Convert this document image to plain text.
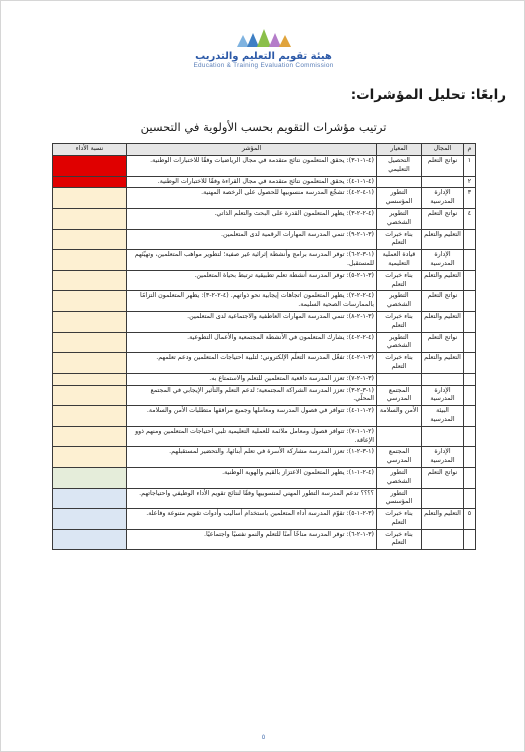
هيئة تقويم التعليم والتدريب
Education & Training Evaluation Commission
رابعًا: تحليل المؤشرات:
ترتيب مؤشرات التقويم بحسب الأولوية في التحسين
م	المجال	المعيار	المؤشر	نسبة الأداء
١	نواتج التعلم	التحصيل التعليمي	(٤-١-١-٣): يحقق المتعلمون نتائج متقدمة في مجال الرياضيات وفقًا للاختبارات الوطنية.	
٢			(٤-١-١-٤): يحقق المتعلمون نتائج متقدمة في مجال القراءة وفقًا للاختبارات الوطنية.	
٣	الإدارة المدرسية	التطور المؤسسي	(١-٤-٢-٤): تشجّع المدرسة منسوبيها للحصول على الرخصة المهنية.	
٤	نواتج التعلم	التطوير الشخصي	(٤-٢-٢-٣): يظهر المتعلمون القدرة على البحث والتعلم الذاتي.	
	التعليم والتعلم	بناء خبرات التعلم	(٣-١-٢-٩): تنمي المدرسة المهارات الرقمية لدى المتعلمين.	
	الإدارة المدرسية	قيادة العملية التعليمية	(١-٣-٢-٦): توفر المدرسة برامج وأنشطة إثرائية غير صفية؛ لتطوير مواهب المتعلمين، وتهيّئهم للمستقبل.	
	التعليم والتعلم	بناء خبرات التعلم	(٣-١-٢-٥): توفر المدرسة أنشطة تعلم تطبيقية ترتبط بحياة المتعلمين.	
	نواتج التعلم	التطوير الشخصي	(٤-٢-٢-٢): يظهر المتعلمون اتجاهات إيجابية نحو ذواتهم. (٤-٢-٢-٣): يظهر المتعلمون التزامًا بالممارسات الصحية السليمة.	
	التعليم والتعلم	بناء خبرات التعلم	(٣-١-٢-٨): تنمي المدرسة المهارات العاطفية والاجتماعية لدى المتعلمين.	
	نواتج التعلم	التطوير الشخصي	(٤-٢-٢-٤): يشارك المتعلمون في الأنشطة المجتمعية والأعمال التطوعية.	
	التعليم والتعلم	بناء خبرات التعلم	(٣-١-٢-٤): تفعّل المدرسة التعلّم الإلكتروني؛ لتلبية احتياجات المتعلمين ودعم تعلمهم.	
			(٣-١-٢-٧): تعزز المدرسة دافعية المتعلمين للتعلم والاستمتاع به.	
	الإدارة المدرسية	المجتمع المدرسي	(١-٣-٢-٣): تعزز المدرسة الشراكة المجتمعية؛ لدعم التعلم والتأثير الإيجابي في المجتمع المحلّي.	
	البيئة المدرسية	الأمن والسلامة	(٢-١-١-٤): تتوافر في فصول المدرسة ومعاملها وجميع مرافقها متطلبات الأمن والسلامة.	
			(٢-١-١-٧): تتوافر فصول ومعامل ملائمة للعملية التعليمية تلبي احتياجات المتعلمين ومنهم ذوو الإعاقة.	
	الإدارة المدرسية	المجتمع المدرسي	(١-٣-٢-١): تعزز المدرسة مشاركة الأسرة في تعلم أبنائها، والتحضير لمستقبلهم.	
	نواتج التعلم	التطور الشخصي	(٤-٢-١-١): يظهر المتعلمون الاعتزاز بالقيم والهوية الوطنية.	
		التطور المؤسسي	؟؟؟؟ تدعم المدرسة التطور المهني لمنسوبيها وفقًا لنتائج تقويم الأداء الوظيفي واحتياجاتهم.	
٥	التعليم والتعلم	بناء خبرات التعلم	(٣-٢-١-٥): تقوّم المدرسة أداء المتعلمين باستخدام أساليب وأدوات تقويم متنوعة وفاعلة.	
		بناء خبرات التعلم	(٣-١-٢-٦): توفر المدرسة مناخًا آمنًا للتعلم والنمو نفسيًا واجتماعيًا.	
٥
